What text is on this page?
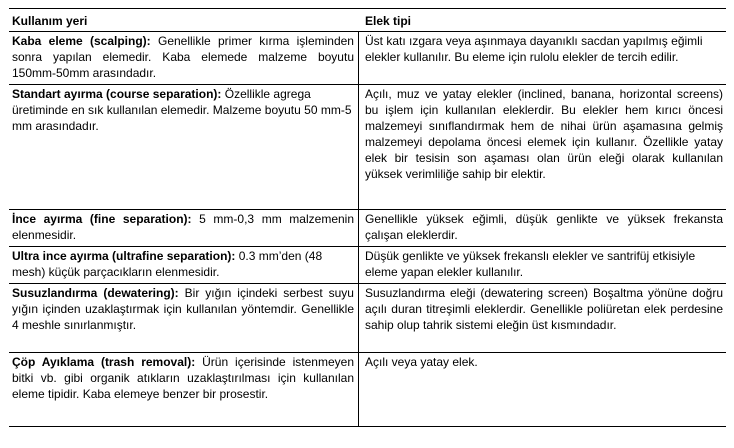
Kullanım yeri	Elek tipi
Kaba eleme (scalping): Genellikle primer kırma işleminden sonra yapılan elemedir. Kaba elemede malzeme boyutu 150mm-50mm arasındadır.
Üst katı ızgara veya aşınmaya dayanıklı sacdan yapılmış eğimli elekler kullanılır. Bu eleme için rulolu elekler de tercih edilir.
Standart ayırma (course separation): Özellikle agrega üretiminde en sık kullanılan elemedir. Malzeme boyutu 50 mm-5 mm arasındadır.
Açılı, muz ve yatay elekler (inclined, banana, horizontal screens) bu işlem için kullanılan eleklerdir. Bu elekler hem kırıcı öncesi malzemeyi sınıflandırmak hem de nihai ürün aşamasına gelmiş malzemeyi depolama öncesi elemek için kullanır. Özellikle yatay elek bir tesisin son aşaması olan ürün eleği olarak kullanılan yüksek verimliliğe sahip bir elektir.
İnce ayırma (fine separation): 5 mm-0,3 mm malzemenin elenmesidir.
Genellikle yüksek eğimli, düşük genlikte ve yüksek frekansta çalışan eleklerdir.
Ultra ince ayırma (ultrafine separation): 0.3 mm’den (48 mesh) küçük parçacıkların elenmesidir.
Düşük genlikte ve yüksek frekanslı elekler ve santrifüj etkisiyle eleme yapan elekler kullanılır.
Susuzlandırma (dewatering): Bir yığın içindeki serbest suyu yığın içinden uzaklaştırmak için kullanılan yöntemdir. Genellikle 4 meshle sınırlanmıştır.
Susuzlandırma eleği (dewatering screen) Boşaltma yönüne doğru açılı duran titreşimli eleklerdir. Genellikle poliüretan elek perdesine sahip olup tahrik sistemi eleğin üst kısmındadır.
Çöp Ayıklama (trash removal): Ürün içerisinde istenmeyen bitki vb. gibi organik atıkların uzaklaştırılması için kullanılan eleme tipidir. Kaba elemeye benzer bir prosestir.
Açılı veya yatay elek.
